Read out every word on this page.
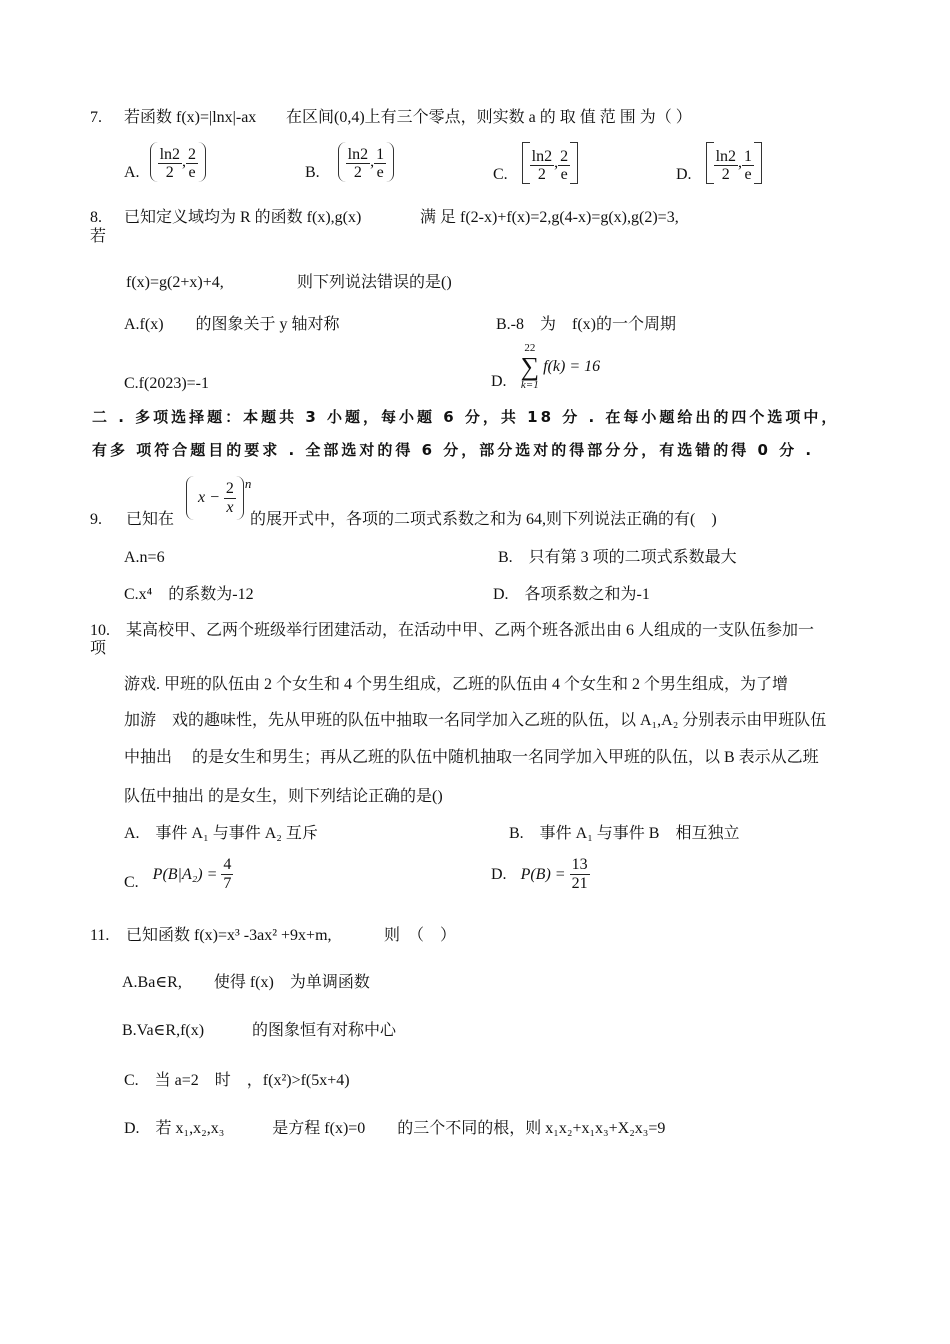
7. 若函数 f(x)=|lnx|-ax 在区间(0,4)上有三个零点，则实数 a 的 取 值 范 围 为（ ）
A. $\frac{\ln 2}{2}$ , $\frac{2}{e}$	B. $\frac{\ln 2}{2}$ , $\frac{1}{e}$	C. $\frac{\ln 2}{2}$ , $\frac{2}{e}$	D. $\frac{\ln 2}{2}$ , $\frac{1}{e}$
8. 已知定义域均为 R 的函数 f(x),g(x)	满 足 f(2-x)+f(x)=2,g(4-x)=g(x),g(2)=3,
若
f(x)=g(2+x)+4,	则下列说法错误的是()
A.f(x)　　的图象关于 y 轴对称	B.-8　为　f(x)的一个周期
C.f(2023)=-1	D.
22
∑
k=1
f(k) = 16
二 . 多项选择题：本题共 3 小题，每小题 6 分，共 18 分 . 在每小题给出的四个选项中，
有多 项符合题目的要求 . 全部选对的得 6 分，部分选对的得部分分，有选错的得 0 分 .
9. 已知在
$x - \frac{2}{x}$ n
的展开式中，各项的二项式系数之和为 64,则下列说法正确的有(　)
A.n=6	B.　只有第 3 项的二项式系数最大
C.x⁴　的系数为-12	D.　各项系数之和为-1
10. 某高校甲、乙两个班级举行团建活动，在活动中甲、乙两个班各派出由 6 人组成的一支队伍参加一
项
游戏. 甲班的队伍由 2 个女生和 4 个男生组成，乙班的队伍由 4 个女生和 2 个男生组成，为了增
加游　戏的趣味性，先从甲班的队伍中抽取一名同学加入乙班的队伍，以 A₁,A₂ 分别表示由甲班队伍
中抽出　 的是女生和男生；再从乙班的队伍中随机抽取一名同学加入甲班的队伍，以 B 表示从乙班
队伍中抽出 的是女生，则下列结论正确的是()
A.　事件 A₁ 与事件 A₂ 互斥	B.　事件 A₁ 与事件 B　相互独立
C. $P(B|A_2) = \frac{4}{7}$	D. $P(B) = \frac{13}{21}$
11. 已知函数 f(x)=x³ -3ax² +9x+m,	则　（　）
A.Ba∈R,　　使得 f(x)　为单调函数
B.Va∈R,f(x)　　　的图象恒有对称中心
C.　当 a=2　时　，f(x²)>f(5x+4)
D.　若 x₁,x₂,x₃　　　是方程 f(x)=0　　的三个不同的根，则 x₁x₂+x₁x₃+X₂x₃=9
